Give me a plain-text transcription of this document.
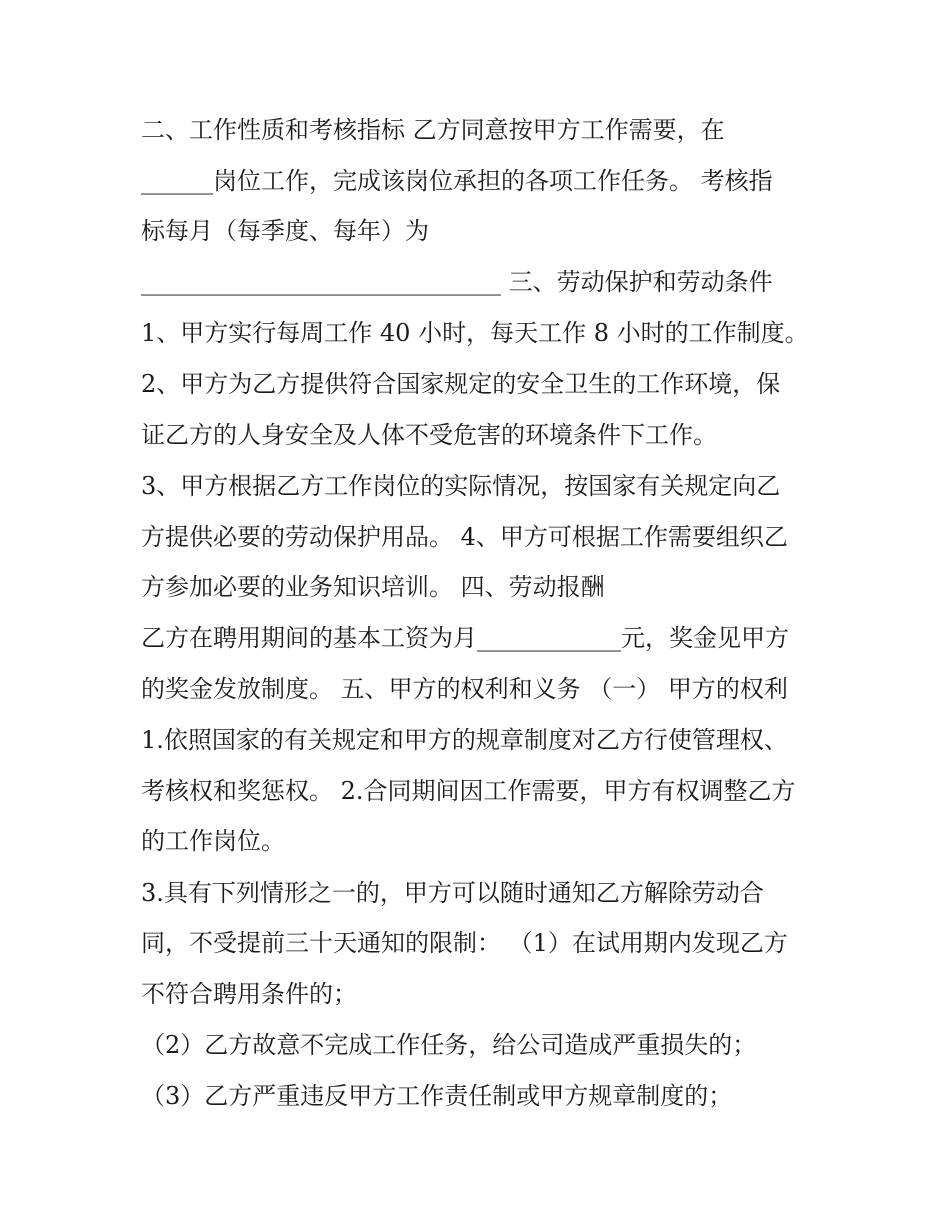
二、工作性质和考核指标 乙方同意按甲方工作需要，在
______岗位工作，完成该岗位承担的各项工作任务。 考核指
标每月（每季度、每年）为
______________________________ 三、劳动保护和劳动条件
1、甲方实行每周工作 40 小时，每天工作 8 小时的工作制度。
2、甲方为乙方提供符合国家规定的安全卫生的工作环境，保
证乙方的人身安全及人体不受危害的环境条件下工作。
3、甲方根据乙方工作岗位的实际情况，按国家有关规定向乙
方提供必要的劳动保护用品。 4、甲方可根据工作需要组织乙
方参加必要的业务知识培训。 四、劳动报酬
乙方在聘用期间的基本工资为月____________元，奖金见甲方
的奖金发放制度。 五、甲方的权利和义务 （一） 甲方的权利
1.依照国家的有关规定和甲方的规章制度对乙方行使管理权、
考核权和奖惩权。 2.合同期间因工作需要，甲方有权调整乙方
的工作岗位。
3.具有下列情形之一的，甲方可以随时通知乙方解除劳动合
同，不受提前三十天通知的限制： （1）在试用期内发现乙方
不符合聘用条件的；
（2）乙方故意不完成工作任务，给公司造成严重损失的；
（3）乙方严重违反甲方工作责任制或甲方规章制度的；
